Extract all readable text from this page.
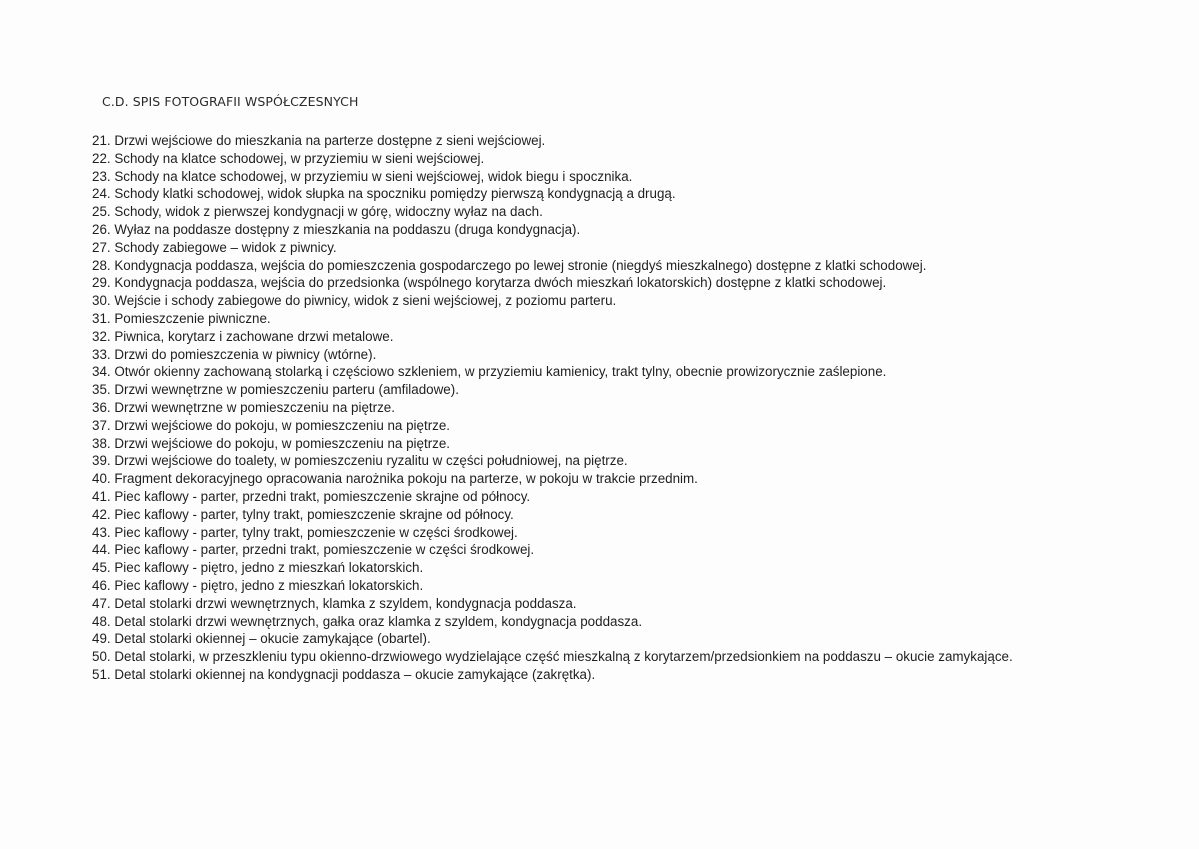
C.D. SPIS FOTOGRAFII WSPÓŁCZESNYCH
21. Drzwi wejściowe do mieszkania na parterze dostępne z sieni wejściowej.
22. Schody na klatce schodowej, w przyziemiu w sieni wejściowej.
23. Schody na klatce schodowej, w przyziemiu w sieni wejściowej, widok biegu i spocznika.
24. Schody klatki schodowej, widok słupka na spoczniku pomiędzy pierwszą kondygnacją a drugą.
25. Schody, widok z pierwszej kondygnacji w górę, widoczny wyłaz na dach.
26. Wyłaz na poddasze dostępny z mieszkania na poddaszu (druga kondygnacja).
27. Schody zabiegowe – widok z piwnicy.
28. Kondygnacja poddasza, wejścia do pomieszczenia gospodarczego po lewej stronie (niegdyś mieszkalnego) dostępne z klatki schodowej.
29. Kondygnacja poddasza, wejścia do przedsionka (wspólnego korytarza dwóch mieszkań lokatorskich) dostępne z klatki schodowej.
30. Wejście i schody zabiegowe do piwnicy, widok z sieni wejściowej, z poziomu parteru.
31. Pomieszczenie piwniczne.
32. Piwnica, korytarz i zachowane drzwi metalowe.
33. Drzwi do pomieszczenia w piwnicy (wtórne).
34. Otwór okienny zachowaną stolarką i częściowo szkleniem, w przyziemiu kamienicy, trakt tylny, obecnie prowizorycznie zaślepione.
35. Drzwi wewnętrzne w pomieszczeniu parteru (amfiladowe).
36. Drzwi wewnętrzne w pomieszczeniu na piętrze.
37. Drzwi wejściowe do pokoju, w pomieszczeniu na piętrze.
38. Drzwi wejściowe do pokoju, w pomieszczeniu na piętrze.
39. Drzwi wejściowe do toalety, w pomieszczeniu ryzalitu w części południowej, na piętrze.
40. Fragment dekoracyjnego opracowania narożnika pokoju na parterze, w pokoju w trakcie przednim.
41. Piec kaflowy - parter, przedni trakt, pomieszczenie skrajne od północy.
42. Piec kaflowy - parter, tylny trakt, pomieszczenie skrajne od północy.
43. Piec kaflowy - parter, tylny trakt, pomieszczenie w części środkowej.
44. Piec kaflowy - parter, przedni trakt, pomieszczenie w części środkowej.
45. Piec kaflowy - piętro, jedno z mieszkań lokatorskich.
46. Piec kaflowy - piętro, jedno z mieszkań lokatorskich.
47. Detal stolarki drzwi wewnętrznych, klamka z szyldem, kondygnacja poddasza.
48. Detal stolarki drzwi wewnętrznych, gałka oraz klamka z szyldem, kondygnacja poddasza.
49. Detal stolarki okiennej – okucie zamykające (obartel).
50. Detal stolarki, w przeszkleniu typu okienno-drzwiowego wydzielające część mieszkalną z korytarzem/przedsionkiem na poddaszu – okucie zamykające.
51. Detal stolarki okiennej na kondygnacji poddasza – okucie zamykające (zakrętka).
